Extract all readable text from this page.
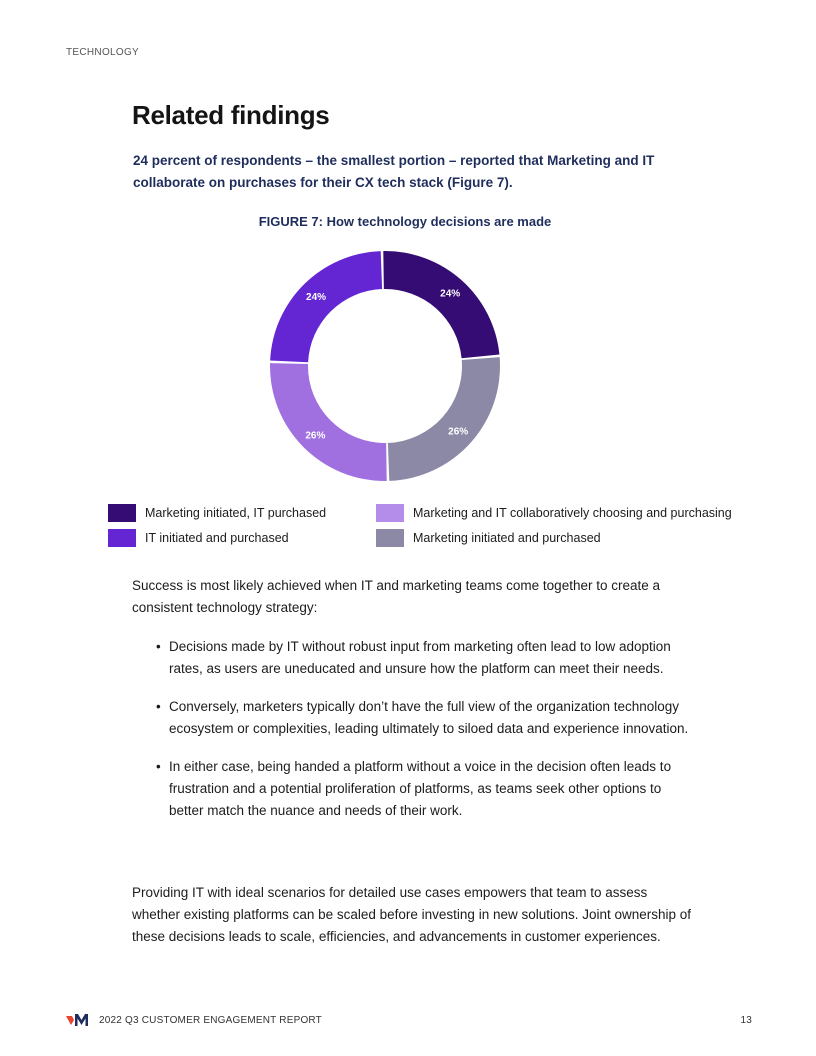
TECHNOLOGY
Related findings

24 percent of respondents – the smallest portion – reported that Marketing and IT collaborate on purchases for their CX tech stack (Figure 7).

FIGURE 7: How technology decisions are made
24%
26%
26%
24%
Marketing initiated, IT purchased
IT initiated and purchased
Marketing and IT collaboratively choosing and purchasing
Marketing initiated and purchased

Success is most likely achieved when IT and marketing teams come together to create a consistent technology strategy:

• Decisions made by IT without robust input from marketing often lead to low adoption rates, as users are uneducated and unsure how the platform can meet their needs.
• Conversely, marketers typically don’t have the full view of the organization technology ecosystem or complexities, leading ultimately to siloed data and experience innovation.
• In either case, being handed a platform without a voice in the decision often leads to frustration and a potential proliferation of platforms, as teams seek other options to better match the nuance and needs of their work.

Providing IT with ideal scenarios for detailed use cases empowers that team to assess whether existing platforms can be scaled before investing in new solutions. Joint ownership of these decisions leads to scale, efficiencies, and advancements in customer experiences.

2022 Q3 CUSTOMER ENGAGEMENT REPORT	13
